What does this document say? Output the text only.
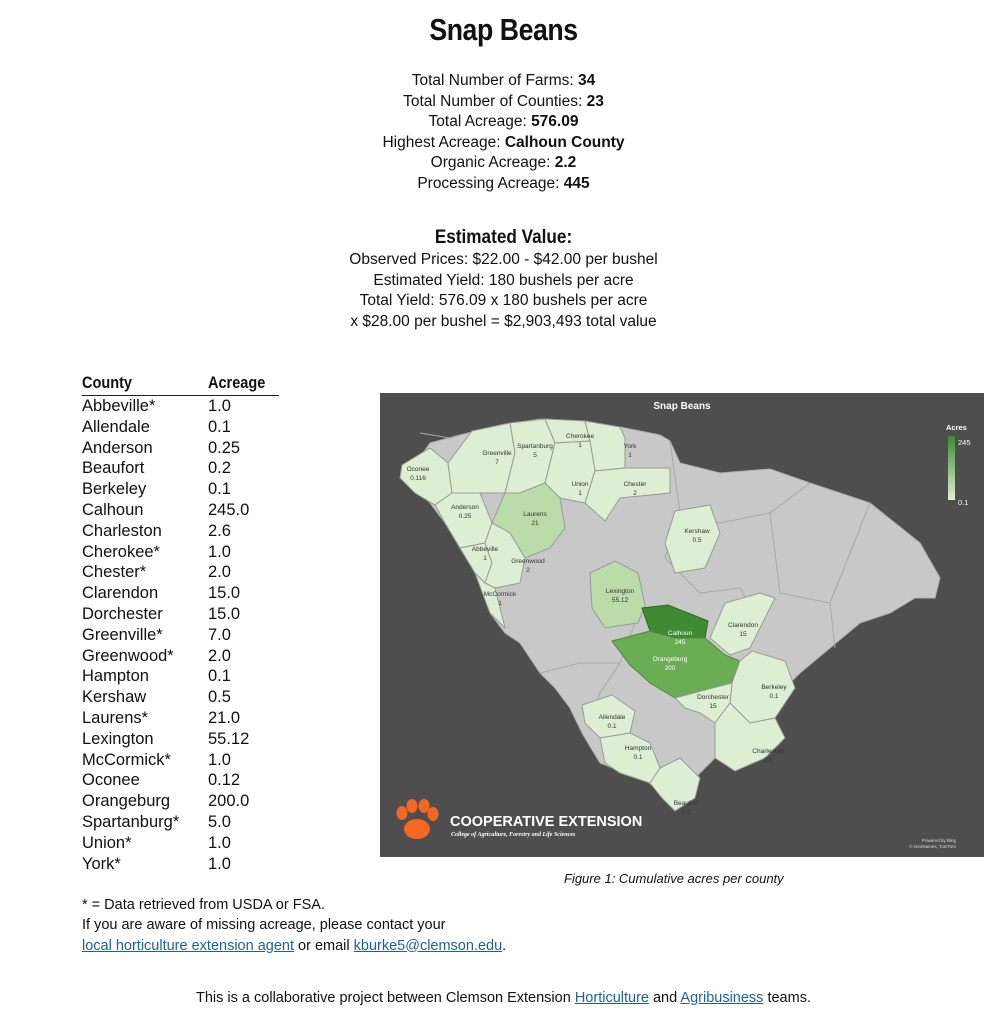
Snap Beans
Total Number of Farms: 34
Total Number of Counties: 23
Total Acreage: 576.09
Highest Acreage: Calhoun County
Organic Acreage: 2.2
Processing Acreage: 445
Estimated Value:
Observed Prices: $22.00 - $42.00 per bushel
Estimated Yield: 180 bushels per acre
Total Yield: 576.09 x 180 bushels per acre
x $28.00 per bushel = $2,903,493 total value
County	Acreage
Abbeville*	1.0
Allendale	0.1
Anderson	0.25
Beaufort	0.2
Berkeley	0.1
Calhoun	245.0
Charleston	2.6
Cherokee*	1.0
Chester*	2.0
Clarendon	15.0
Dorchester	15.0
Greenville*	7.0
Greenwood*	2.0
Hampton	0.1
Kershaw	0.5
Laurens*	21.0
Lexington	55.12
McCormick*	1.0
Oconee	0.12
Orangeburg	200.0
Spartanburg*	5.0
Union*	1.0
York*	1.0
Snap Beans
Acres
245
0.1
Cherokee
1	York
1
Greenville
7
Spartanburg
5
Oconee
0.116
Union
1
Chester
2
Anderson
0.25	Laurens
21
Kershaw
0.5
Abbeville
1	Greenwood
2
Lexington
55.12
McCormick
1
Calhoun
245
Clarendon
15
Orangeburg
200
Berkeley
0.1
Dorchester
15
Allendale
0.1
Hampton
0.1
Charleston
2.5
Beaufort
0.2
COOPERATIVE EXTENSION
College of Agriculture, Forestry and Life Sciences
Powered by Bing
© GeoNames, TomTom
Figure 1: Cumulative acres per county
* = Data retrieved from USDA or FSA.
If you are aware of missing acreage, please contact your
local horticulture extension agent or email kburke5@clemson.edu.
This is a collaborative project between Clemson Extension Horticulture and Agribusiness teams.
